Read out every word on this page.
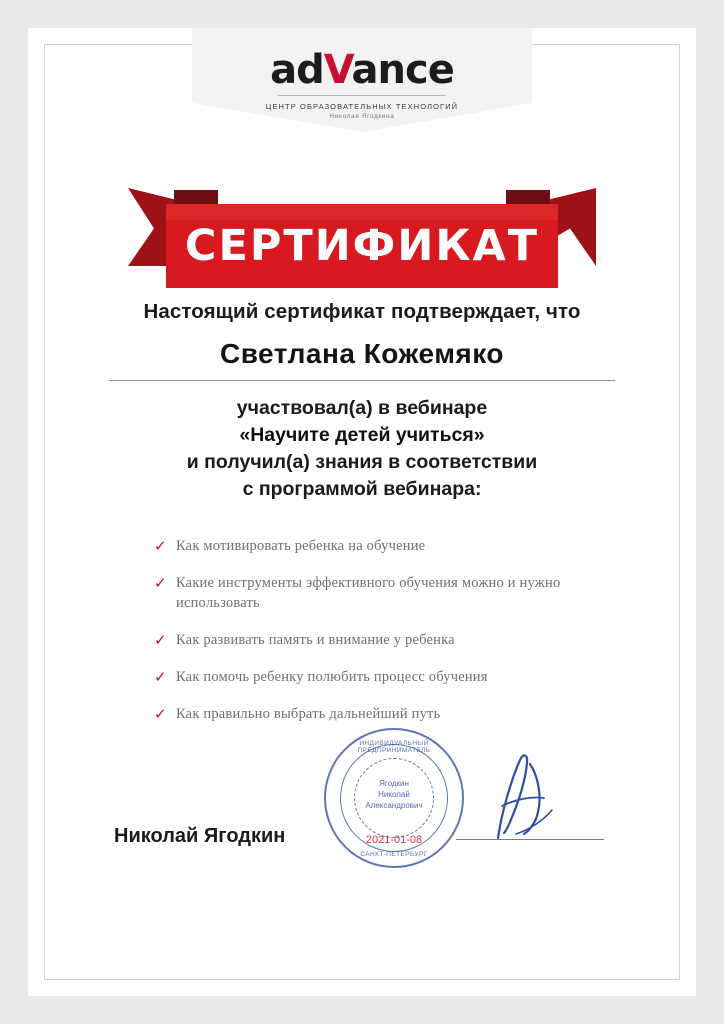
adVance
ЦЕНТР ОБРАЗОВАТЕЛЬНЫХ ТЕХНОЛОГИЙ
Николая Ягодкина
СЕРТИФИКАТ
Настоящий сертификат подтверждает, что
Светлана Кожемяко
участвовал(а) в вебинаре
«Научите детей учиться»
и получил(а) знания в соответствии
с программой вебинара:
✓ Как мотивировать ребенка на обучение
✓ Какие инструменты эффективного обучения можно и нужно использовать
✓ Как развивать память и внимание у ребенка
✓ Как помочь ребенку полюбить процесс обучения
✓ Как правильно выбрать дальнейший путь
Николай Ягодкин
ИНДИВИДУАЛЬНЫЙ ПРЕДПРИНИМАТЕЛЬ
Ягодкин
Николай
Александрович
2021-01-08
САНКТ-ПЕТЕРБУРГ
